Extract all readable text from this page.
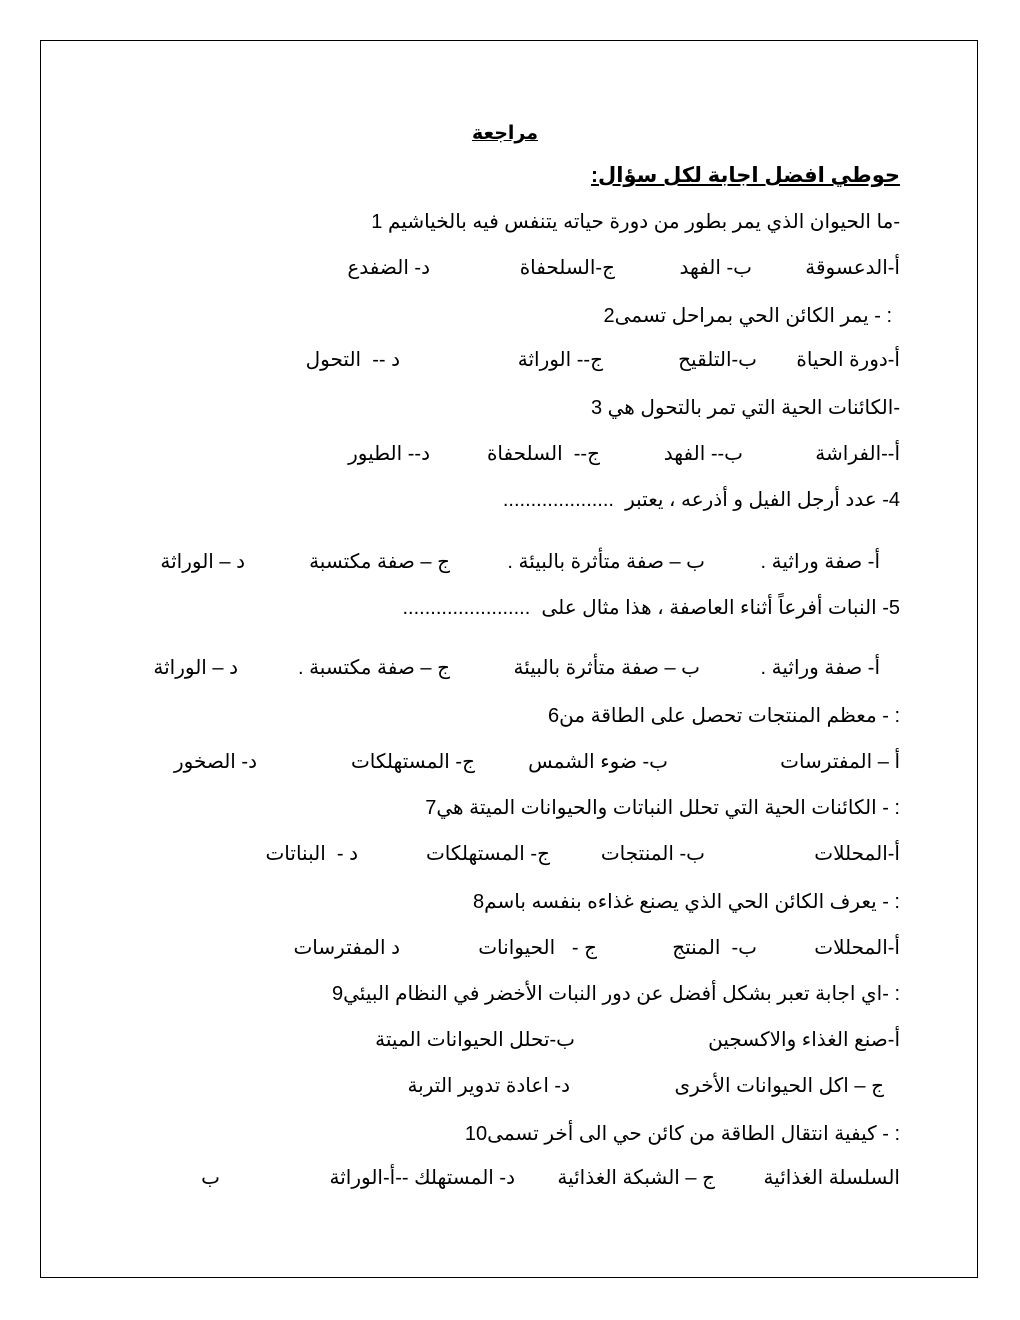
مراجعة
حوطي افضل اجابة لكل سؤال:
-ما الحيوان الذي يمر بطور من دورة حياته يتنفس فيه بالخياشيم 1
أ-الدعسوقة
ب- الفهد
ج-السلحفاة
د- الضفدع
: - يمر الكائن الحي بمراحل تسمى2
أ-دورة الحياة
ب-التلقيح
ج-- الوراثة
د --  التحول
-الكائنات الحية التي تمر بالتحول هي 3
أ--الفراشة
ب-- الفهد
ج--  السلحفاة
د-- الطيور
4- عدد أرجل الفيل و أذرعه ، يعتبر  ....................
أ- صفة وراثية .
ب – صفة متأثرة بالبيئة .
ج – صفة مكتسبة
د – الوراثة
5- النبات أفرعاً أثناء العاصفة ، هذا مثال على  .......................
أ- صفة وراثية .
ب – صفة متأثرة بالبيئة
ج – صفة مكتسبة .
د – الوراثة
: - معظم المنتجات تحصل على الطاقة من6
أ – المفترسات
ب- ضوء الشمس
ج- المستهلكات
د- الصخور
: - الكائنات الحية التي تحلل النباتات والحيوانات الميتة هي7
أ-المحللات
ب- المنتجات
ج- المستهلكات
د -  البناتات
: - يعرف الكائن الحي الذي يصنع غذاءه بنفسه باسم8
أ-المحللات
ب-  المنتج
ج -   الحيوانات
د المفترسات
: -اي اجابة تعبر بشكل أفضل عن دور النبات الأخضر في النظام البيئي9
أ-صنع الغذاء والاكسجين
ب-تحلل الحيوانات الميتة
ج – اكل الحيوانات الأخرى
د- اعادة تدوير التربة
: - كيفية انتقال الطاقة من كائن حي الى أخر تسمى10
السلسلة الغذائية
ج – الشبكة الغذائية
د- المستهلك --أ-الوراثة
ب
